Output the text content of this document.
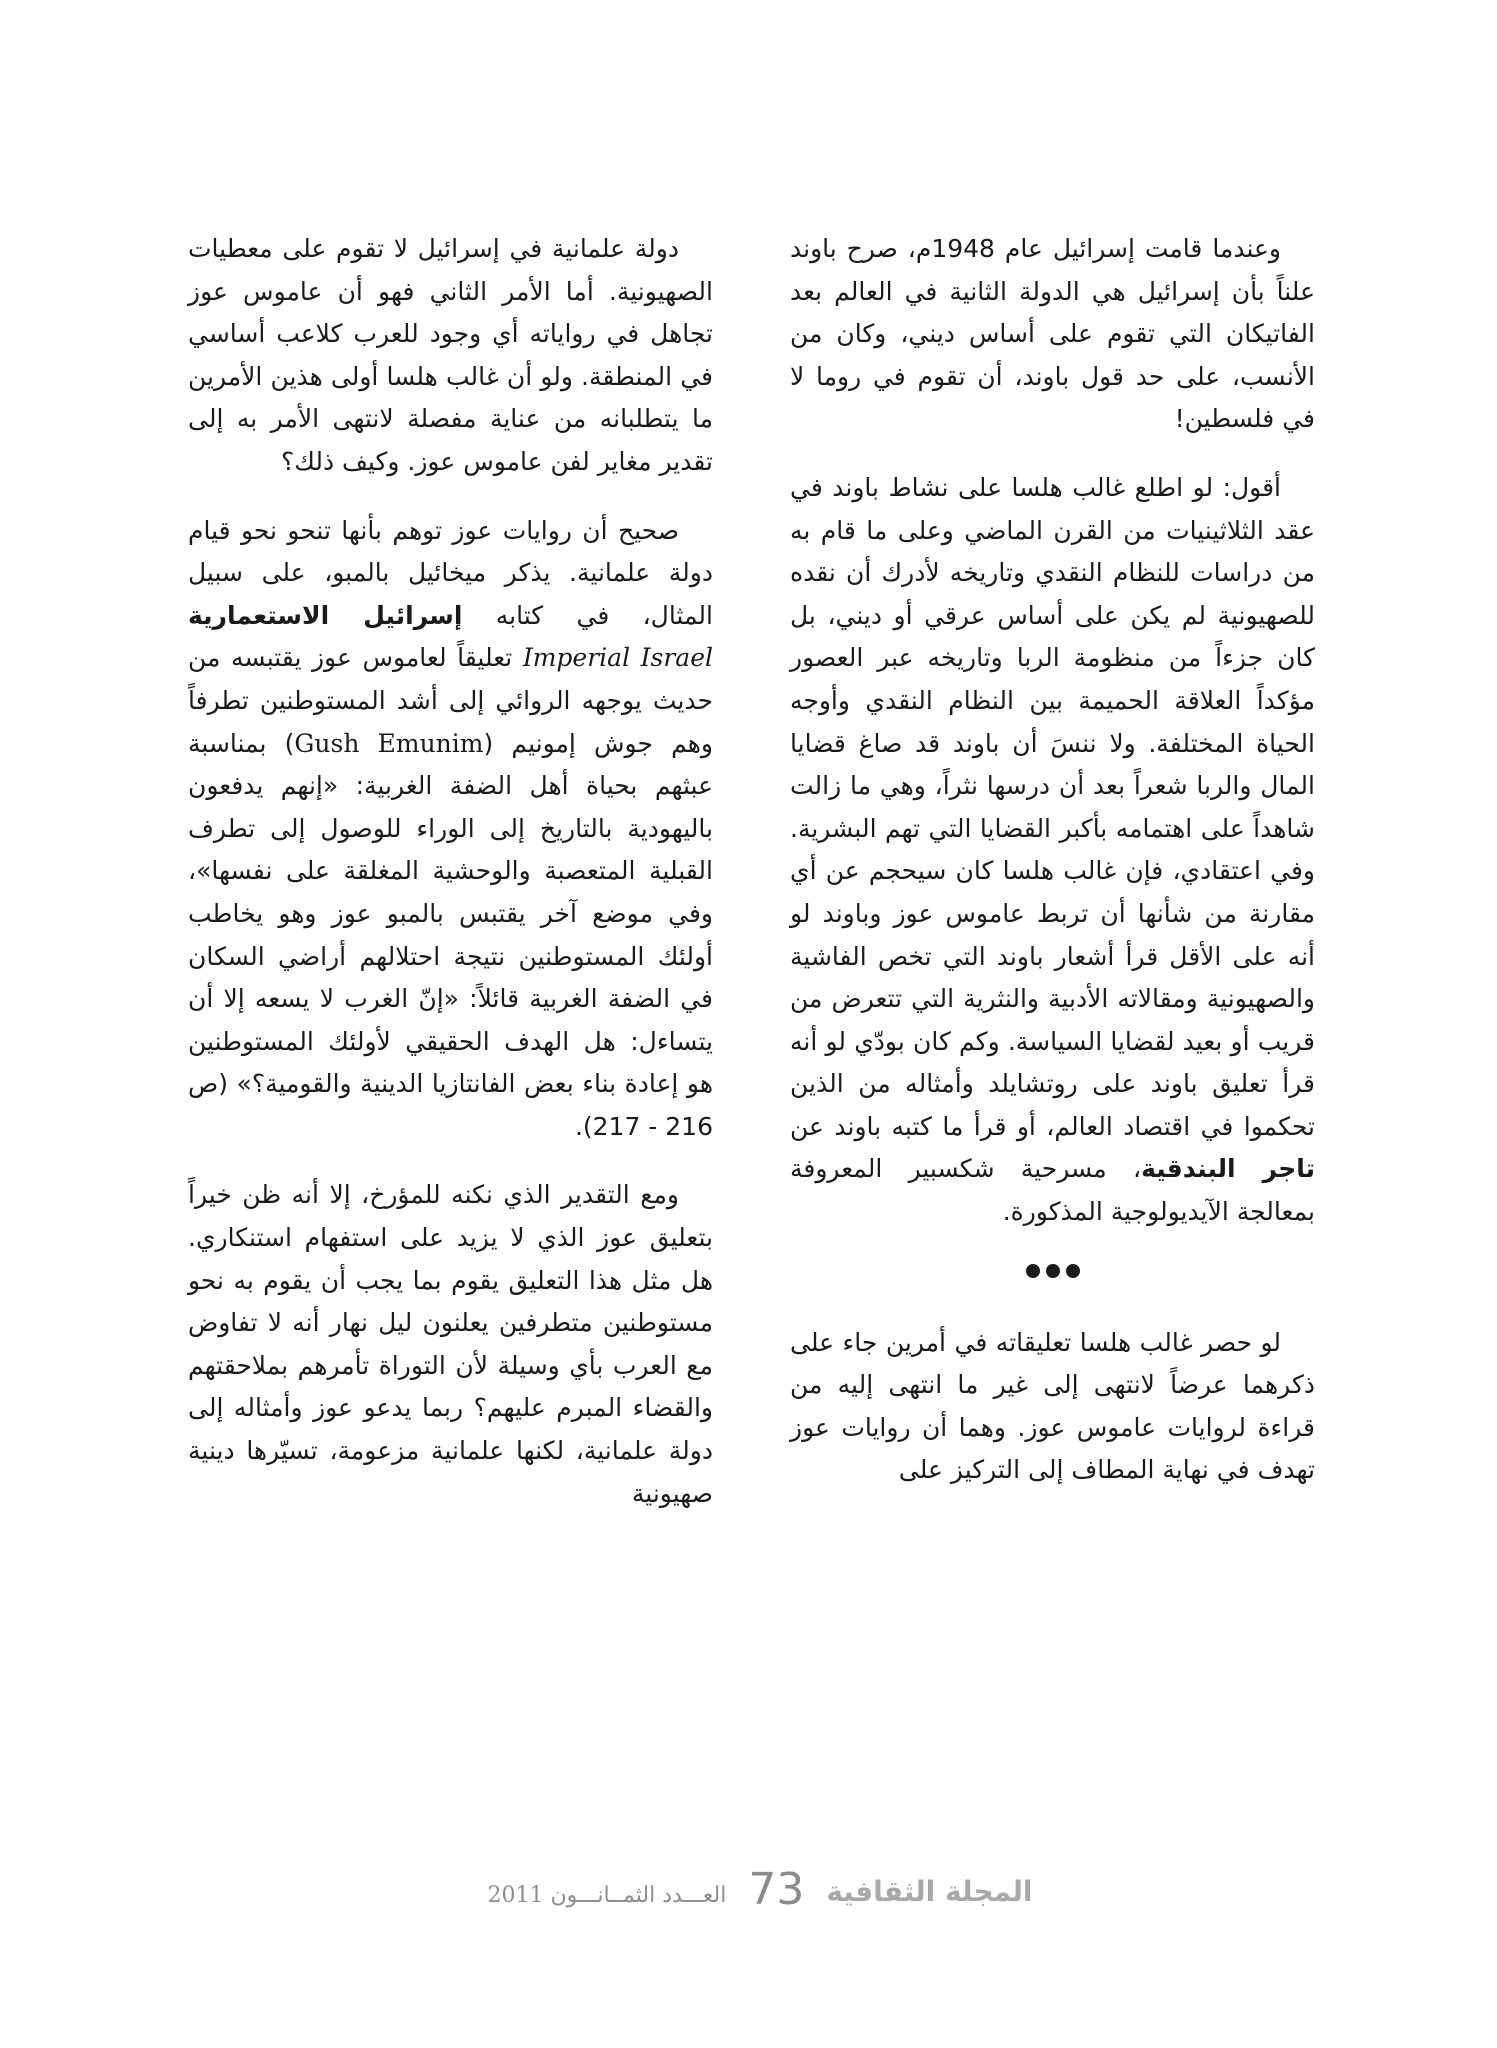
وعندما قامت إسرائيل عام 1948م، صرح باوند علناً بأن إسرائيل هي الدولة الثانية في العالم بعد الفاتيكان التي تقوم على أساس ديني، وكان من الأنسب، على حد قول باوند، أن تقوم في روما لا في فلسطين!

أقول: لو اطلع غالب هلسا على نشاط باوند في عقد الثلاثينيات من القرن الماضي وعلى ما قام به من دراسات للنظام النقدي وتاريخه لأدرك أن نقده للصهيونية لم يكن على أساس عرقي أو ديني، بل كان جزءاً من منظومة الربا وتاريخه عبر العصور مؤكداً العلاقة الحميمة بين النظام النقدي وأوجه الحياة المختلفة. ولا ننسَ أن باوند قد صاغ قضايا المال والربا شعراً بعد أن درسها نثراً، وهي ما زالت شاهداً على اهتمامه بأكبر القضايا التي تهم البشرية. وفي اعتقادي، فإن غالب هلسا كان سيحجم عن أي مقارنة من شأنها أن تربط عاموس عوز وباوند لو أنه على الأقل قرأ أشعار باوند التي تخص الفاشية والصهيونية ومقالاته الأدبية والنثرية التي تتعرض من قريب أو بعيد لقضايا السياسة. وكم كان بودّي لو أنه قرأ تعليق باوند على روتشايلد وأمثاله من الذين تحكموا في اقتصاد العالم، أو قرأ ما كتبه باوند عن تاجر البندقية، مسرحية شكسبير المعروفة بمعالجة الآيديولوجية المذكورة.

لو حصر غالب هلسا تعليقاته في أمرين جاء على ذكرهما عرضاً لانتهى إلى غير ما انتهى إليه من قراءة لروايات عاموس عوز. وهما أن روايات عوز تهدف في نهاية المطاف إلى التركيز على

دولة علمانية في إسرائيل لا تقوم على معطيات الصهيونية. أما الأمر الثاني فهو أن عاموس عوز تجاهل في رواياته أي وجود للعرب كلاعب أساسي في المنطقة. ولو أن غالب هلسا أولى هذين الأمرين ما يتطلبانه من عناية مفصلة لانتهى الأمر به إلى تقدير مغاير لفن عاموس عوز. وكيف ذلك؟

صحيح أن روايات عوز توهم بأنها تنحو نحو قيام دولة علمانية. يذكر ميخائيل بالمبو، على سبيل المثال، في كتابه إسرائيل الاستعمارية Imperial Israel تعليقاً لعاموس عوز يقتبسه من حديث يوجهه الروائي إلى أشد المستوطنين تطرفاً وهم جوش إمونيم (Gush Emunim) بمناسبة عبثهم بحياة أهل الضفة الغربية: «إنهم يدفعون باليهودية بالتاريخ إلى الوراء للوصول إلى تطرف القبلية المتعصبة والوحشية المغلقة على نفسها»، وفي موضع آخر يقتبس بالمبو عوز وهو يخاطب أولئك المستوطنين نتيجة احتلالهم أراضي السكان في الضفة الغربية قائلاً: «إنّ الغرب لا يسعه إلا أن يتساءل: هل الهدف الحقيقي لأولئك المستوطنين هو إعادة بناء بعض الفانتازيا الدينية والقومية؟» (ص 216 - 217).

ومع التقدير الذي نكنه للمؤرخ، إلا أنه ظن خيراً بتعليق عوز الذي لا يزيد على استفهام استنكاري. هل مثل هذا التعليق يقوم بما يجب أن يقوم به نحو مستوطنين متطرفين يعلنون ليل نهار أنه لا تفاوض مع العرب بأي وسيلة لأن التوراة تأمرهم بملاحقتهم والقضاء المبرم عليهم؟ ربما يدعو عوز وأمثاله إلى دولة علمانية، لكنها علمانية مزعومة، تسيّرها دينية صهيونية

العـــدد الثمــانـــون 2011 73 المجلة الثقافية
